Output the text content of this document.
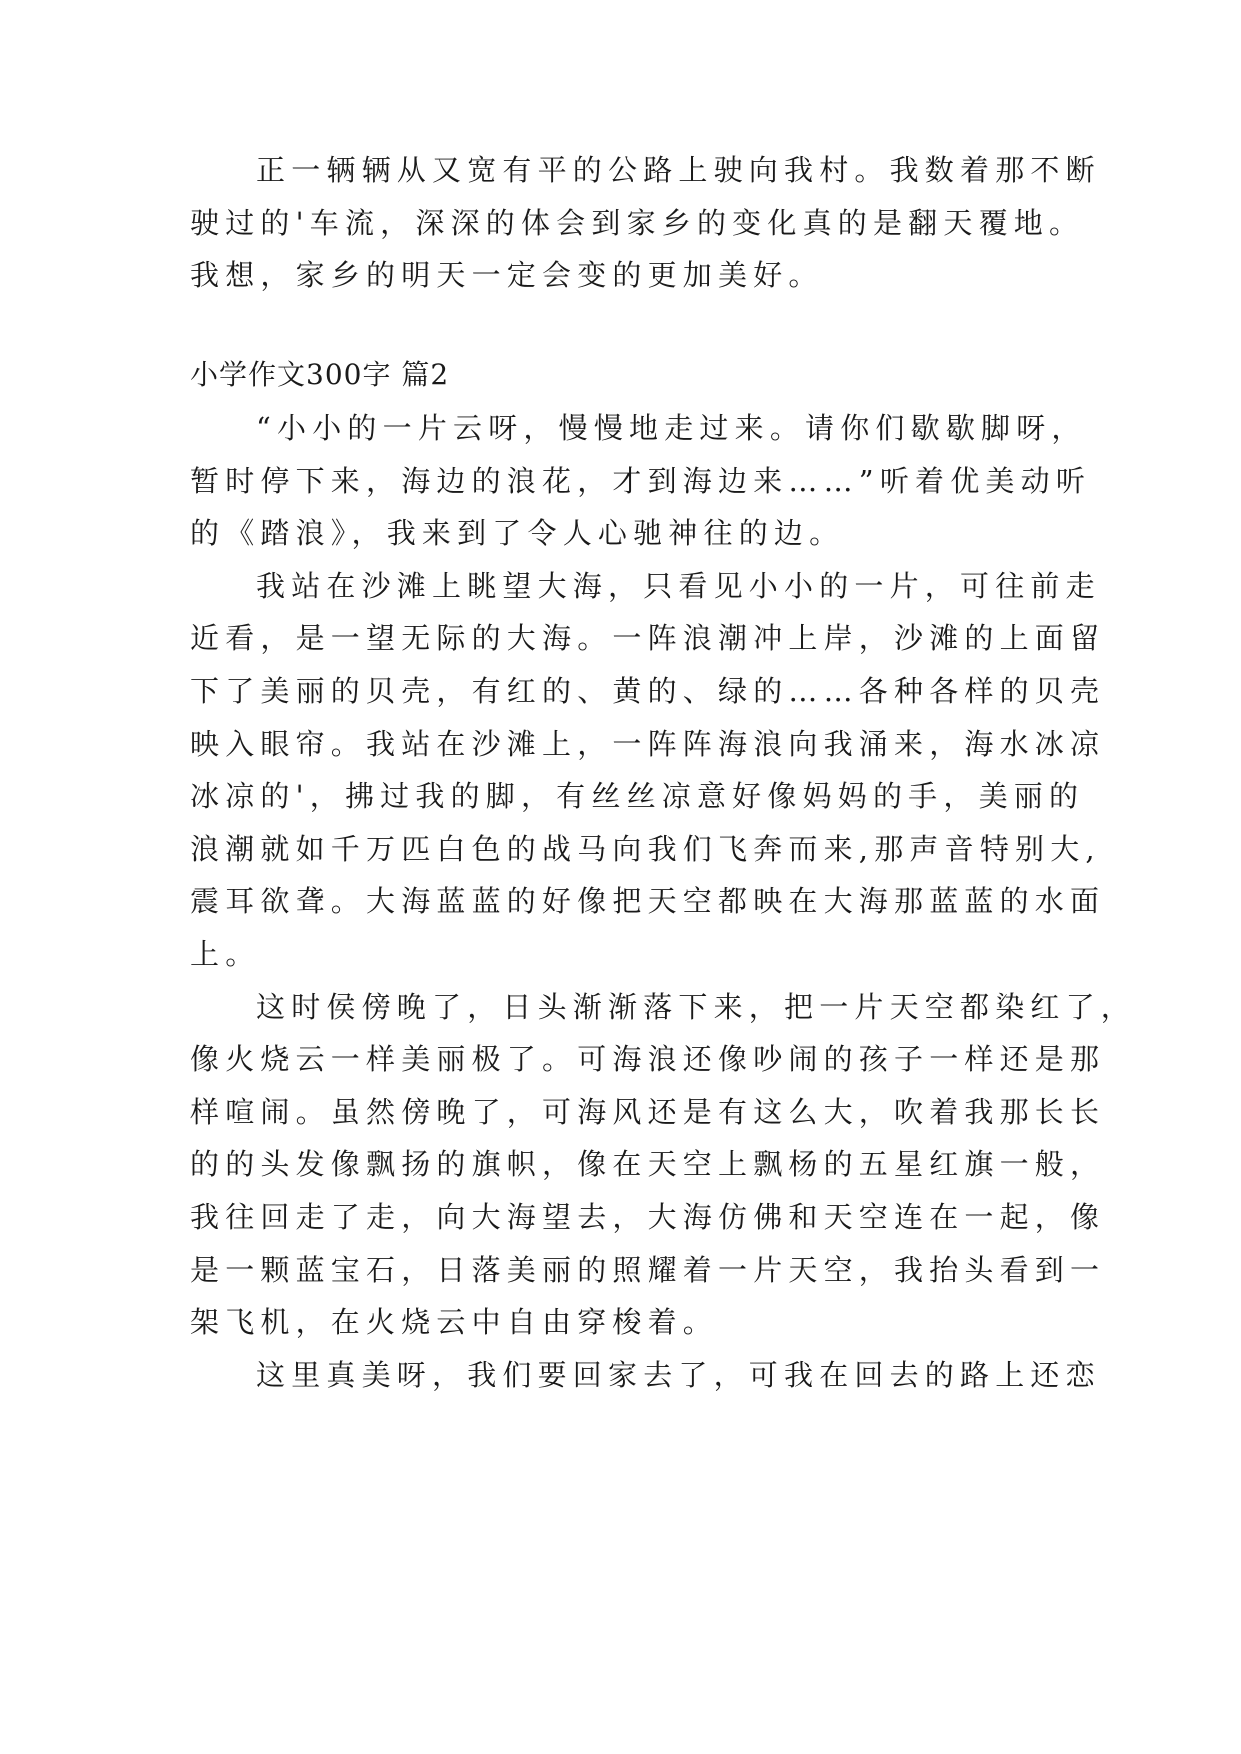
正一辆辆从又宽有平的公路上驶向我村。我数着那不断
驶过的'车流，深深的体会到家乡的变化真的是翻天覆地。
我想，家乡的明天一定会变的更加美好。
小学作文300字 篇2
“小小的一片云呀，慢慢地走过来。请你们歇歇脚呀，
暂时停下来，海边的浪花，才到海边来……”听着优美动听
的《踏浪》，我来到了令人心驰神往的边。
我站在沙滩上眺望大海，只看见小小的一片，可往前走
近看，是一望无际的大海。一阵浪潮冲上岸，沙滩的上面留
下了美丽的贝壳，有红的、黄的、绿的……各种各样的贝壳
映入眼帘。我站在沙滩上，一阵阵海浪向我涌来，海水冰凉
冰凉的'，拂过我的脚，有丝丝凉意好像妈妈的手，美丽的
浪潮就如千万匹白色的战马向我们飞奔而来,那声音特别大,
震耳欲聋。大海蓝蓝的好像把天空都映在大海那蓝蓝的水面
上。
这时侯傍晚了，日头渐渐落下来，把一片天空都染红了，
像火烧云一样美丽极了。可海浪还像吵闹的孩子一样还是那
样喧闹。虽然傍晚了，可海风还是有这么大，吹着我那长长
的的头发像飘扬的旗帜，像在天空上飘杨的五星红旗一般，
我往回走了走，向大海望去，大海仿佛和天空连在一起，像
是一颗蓝宝石，日落美丽的照耀着一片天空，我抬头看到一
架飞机，在火烧云中自由穿梭着。
这里真美呀，我们要回家去了，可我在回去的路上还恋
